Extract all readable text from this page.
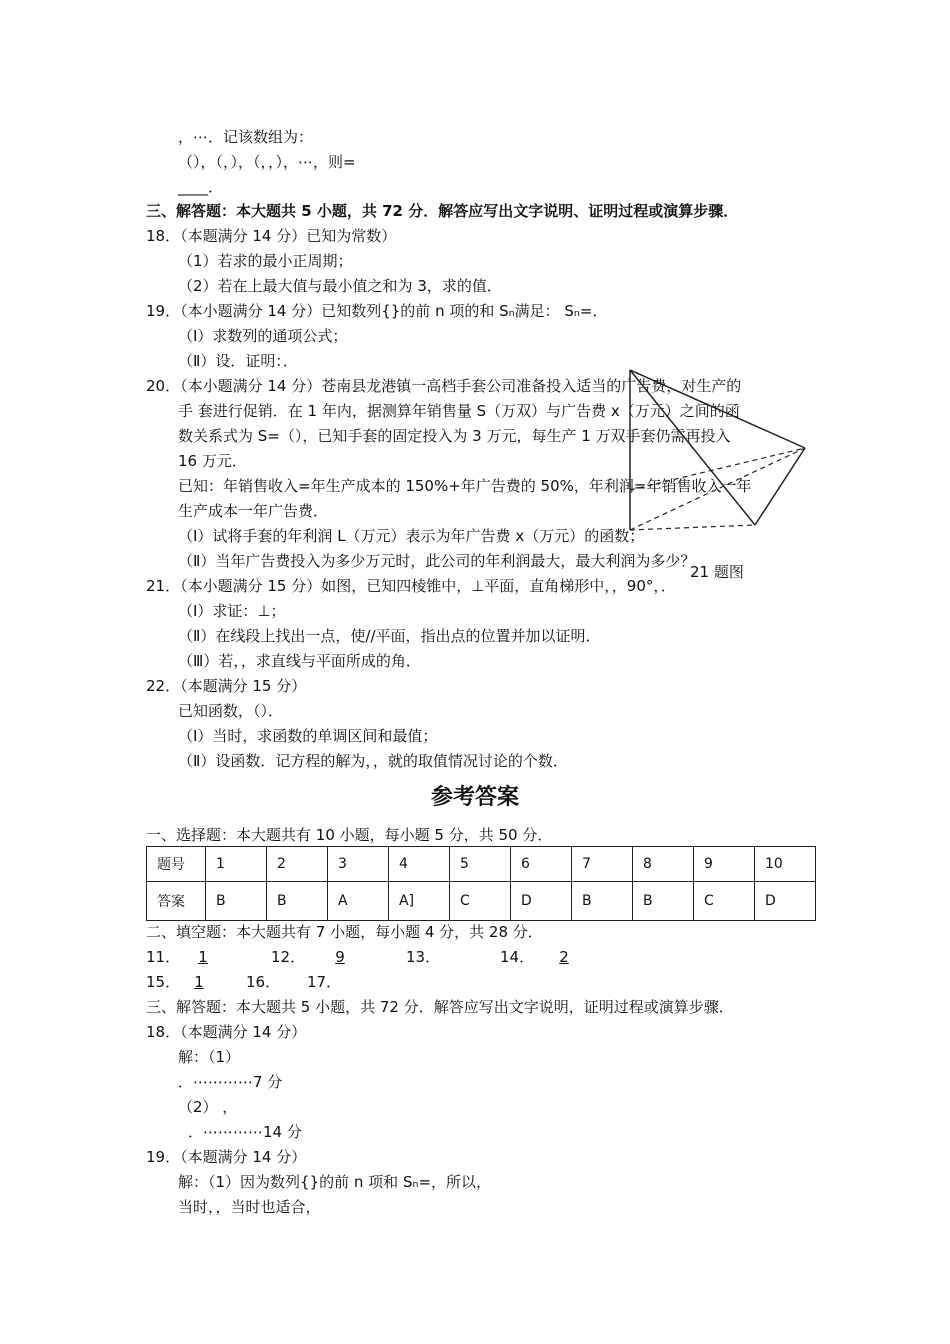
，⋯．记该数组为：
（），（，），（，，），⋯，则=
____．
三、解答题：本大题共 5 小题，共 72 分．解答应写出文字说明、证明过程或演算步骤．
18．（本题满分 14 分）已知为常数）
（1）若求的最小正周期；
（2）若在上最大值与最小值之和为 3，求的值．
19．（本小题满分 14 分）已知数列{}的前 n 项的和 Sₙ满足： Sₙ=．
（Ⅰ）求数列的通项公式；
（Ⅱ）设．证明：．
20．（本小题满分 14 分）苍南县龙港镇一高档手套公司准备投入适当的广告费，对生产的
手 套进行促销．在 1 年内，据测算年销售量 S（万双）与广告费 x（万元）之间的函
数关系式为 S=（），已知手套的固定投入为 3 万元，每生产 1 万双手套仍需再投入
16 万元．
已知：年销售收入=年生产成本的 150%+年广告费的 50%，年利润=年销售收入一年
生产成本一年广告费．
（Ⅰ）试将手套的年利润 L（万元）表示为年广告费 x（万元）的函数；
（Ⅱ）当年广告费投入为多少万元时，此公司的年利润最大，最大利润为多少？
21．（本小题满分 15 分）如图，已知四棱锥中，⊥平面，直角梯形中，，90°，．
（Ⅰ）求证：⊥；
（Ⅱ）在线段上找出一点，使//平面，指出点的位置并加以证明．
（Ⅲ）若，，求直线与平面所成的角．
22．（本题满分 15 分）
已知函数，（）．
（Ⅰ）当时，求函数的单调区间和最值；
（Ⅱ）设函数．记方程的解为，，就的取值情况讨论的个数．
一、选择题：本大题共有 10 小题，每小题 5 分，共 50 分．
二、填空题：本大题共有 7 小题，每小题 4 分，共 28 分．
三、解答题：本大题共 5 小题，共 72 分．解答应写出文字说明，证明过程或演算步骤．
18．（本题满分 14 分）
解：（1）
．⋯⋯⋯⋯7 分
（2） ，
．⋯⋯⋯⋯14 分
19．（本题满分 14 分）
解：（1）因为数列{}的前 n 项和 Sₙ=，所以，
当时，，当时也适合，
21 题图
参考答案
题号	1	2	3	4	5	6	7	8	9	10
答案	B	B	A	A]	C	D	B	B	C	D
11．	1	12．	9	13．	14．	2
15． 1	16． 17．
